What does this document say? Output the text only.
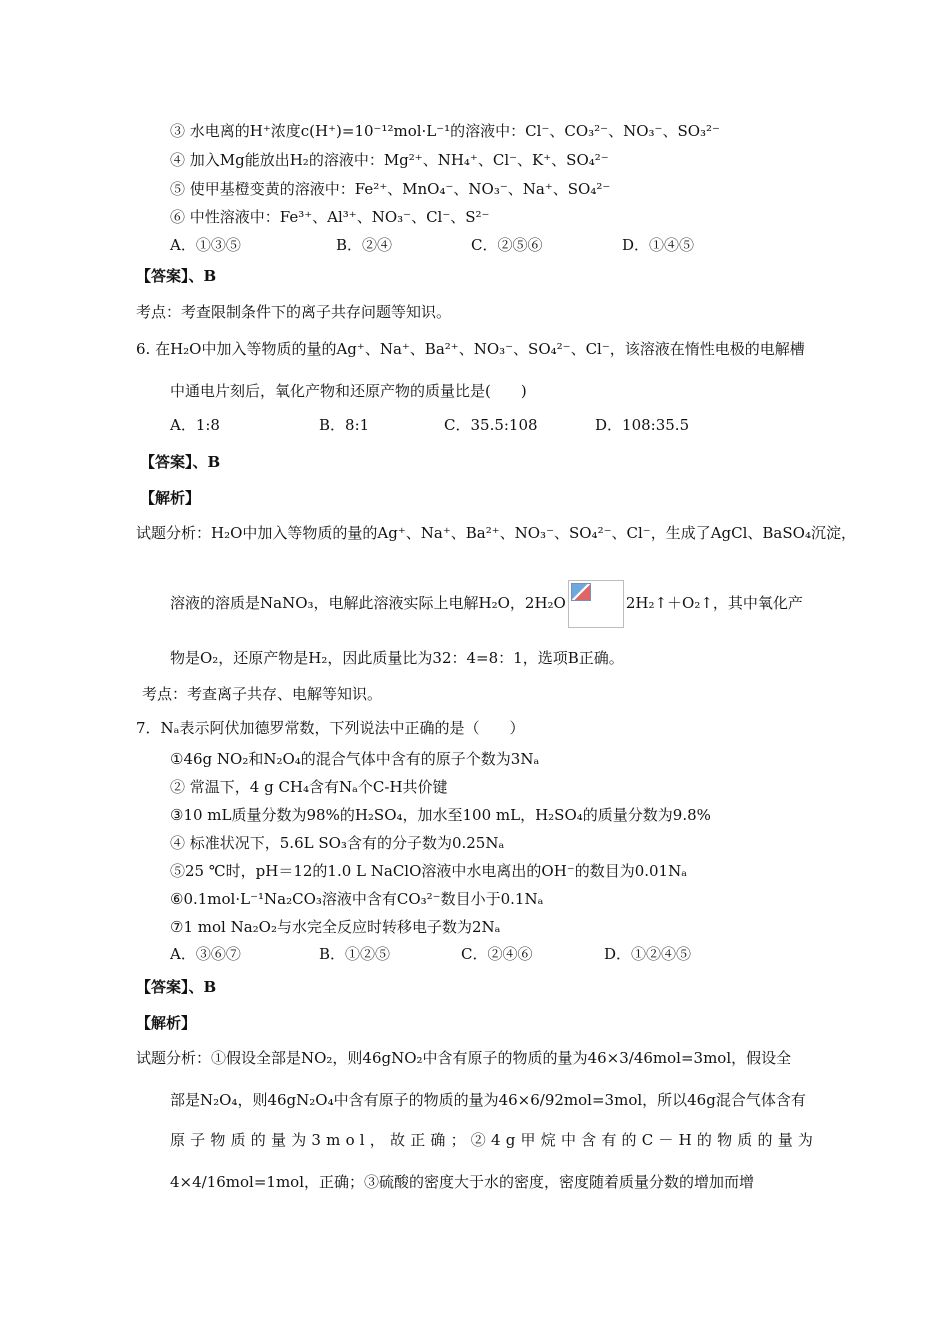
③ 水电离的H⁺浓度c(H⁺)=10⁻¹²mol·L⁻¹的溶液中：Cl⁻、CO₃²⁻、NO₃⁻、SO₃²⁻
④ 加入Mg能放出H₂的溶液中：Mg²⁺、NH₄⁺、Cl⁻、K⁺、SO₄²⁻
⑤ 使甲基橙变黄的溶液中：Fe²⁺、MnO₄⁻、NO₃⁻、Na⁺、SO₄²⁻
⑥ 中性溶液中：Fe³⁺、Al³⁺、NO₃⁻、Cl⁻、S²⁻
A．①③⑤	B．②④	C．②⑤⑥	D．①④⑤
【答案】、B
考点：考查限制条件下的离子共存问题等知识。
6. 在H₂O中加入等物质的量的Ag⁺、Na⁺、Ba²⁺、NO₃⁻、SO₄²⁻、Cl⁻，该溶液在惰性电极的电解槽
中通电片刻后，氧化产物和还原产物的质量比是(　　)
A．1:8	B．8:1	C．35.5:108	D．108:35.5
【答案】、B
【解析】
试题分析：H₂O中加入等物质的量的Ag⁺、Na⁺、Ba²⁺、NO₃⁻、SO₄²⁻、Cl⁻，生成了AgCl、BaSO₄沉淀，
溶液的溶质是NaNO₃，电解此溶液实际上电解H₂O，2H₂O	2H₂↑＋O₂↑，其中氧化产
物是O₂，还原产物是H₂，因此质量比为32：4=8：1，选项B正确。
考点：考查离子共存、电解等知识。
7．Nₐ表示阿伏加德罗常数，下列说法中正确的是（　　）
①46g NO₂和N₂O₄的混合气体中含有的原子个数为3Nₐ
② 常温下，4 g CH₄含有Nₐ个C-H共价键
③10 mL质量分数为98%的H₂SO₄，加水至100 mL，H₂SO₄的质量分数为9.8%
④ 标准状况下，5.6L SO₃含有的分子数为0.25Nₐ
⑤25 ℃时，pH＝12的1.0 L NaClO溶液中水电离出的OH⁻的数目为0.01Nₐ
⑥0.1mol·L⁻¹Na₂CO₃溶液中含有CO₃²⁻数目小于0.1Nₐ
⑦1 mol Na₂O₂与水完全反应时转移电子数为2Nₐ
A．③⑥⑦	B．①②⑤	C．②④⑥	D．①②④⑤
【答案】、B
【解析】
试题分析：①假设全部是NO₂，则46gNO₂中含有原子的物质的量为46×3/46mol=3mol，假设全
部是N₂O₄，则46gN₂O₄中含有原子的物质的量为46×6/92mol=3mol，所以46g混合气体含有
原子物质的量为3mol，故正确；②4g甲烷中含有的C－H的物质的量为
4×4/16mol=1mol，正确；③硫酸的密度大于水的密度，密度随着质量分数的增加而增
